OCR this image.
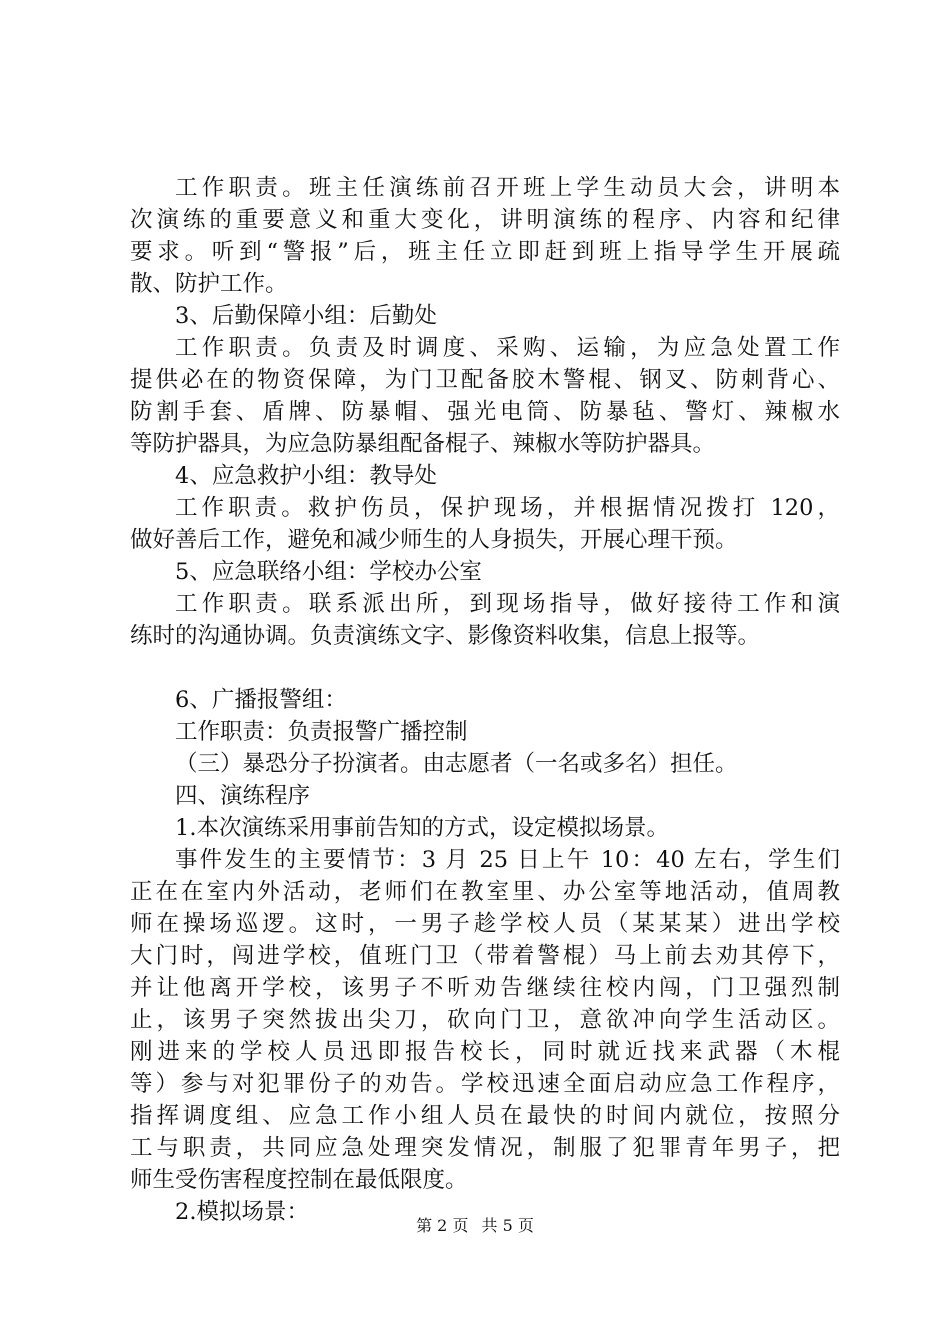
工作职责。班主任演练前召开班上学生动员大会，讲明本
次演练的重要意义和重大变化，讲明演练的程序、内容和纪律
要求。听到“警报”后，班主任立即赶到班上指导学生开展疏
散、防护工作。
3、后勤保障小组：后勤处
工作职责。负责及时调度、采购、运输，为应急处置工作
提供必在的物资保障，为门卫配备胶木警棍、钢叉、防刺背心、
防割手套、盾牌、防暴帽、强光电筒、防暴毡、警灯、辣椒水
等防护器具，为应急防暴组配备棍子、辣椒水等防护器具。
4、应急救护小组：教导处
工作职责。救护伤员，保护现场，并根据情况拨打 120，
做好善后工作，避免和减少师生的人身损失，开展心理干预。
5、应急联络小组：学校办公室
工作职责。联系派出所，到现场指导，做好接待工作和演
练时的沟通协调。负责演练文字、影像资料收集，信息上报等。
6、广播报警组：
工作职责：负责报警广播控制
（三）暴恐分子扮演者。由志愿者（一名或多名）担任。
四、演练程序
1.本次演练采用事前告知的方式，设定模拟场景。
事件发生的主要情节：3 月 25 日上午 10：40 左右，学生们
正在在室内外活动，老师们在教室里、办公室等地活动，值周教
师在操场巡逻。这时，一男子趁学校人员（某某某）进出学校
大门时，闯进学校，值班门卫（带着警棍）马上前去劝其停下，
并让他离开学校，该男子不听劝告继续往校内闯，门卫强烈制
止，该男子突然拔出尖刀，砍向门卫，意欲冲向学生活动区。
刚进来的学校人员迅即报告校长，同时就近找来武器（木棍
等）参与对犯罪份子的劝告。学校迅速全面启动应急工作程序，
指挥调度组、应急工作小组人员在最快的时间内就位，按照分
工与职责，共同应急处理突发情况，制服了犯罪青年男子，把
师生受伤害程度控制在最低限度。
2.模拟场景：
第 2 页 共 5 页
